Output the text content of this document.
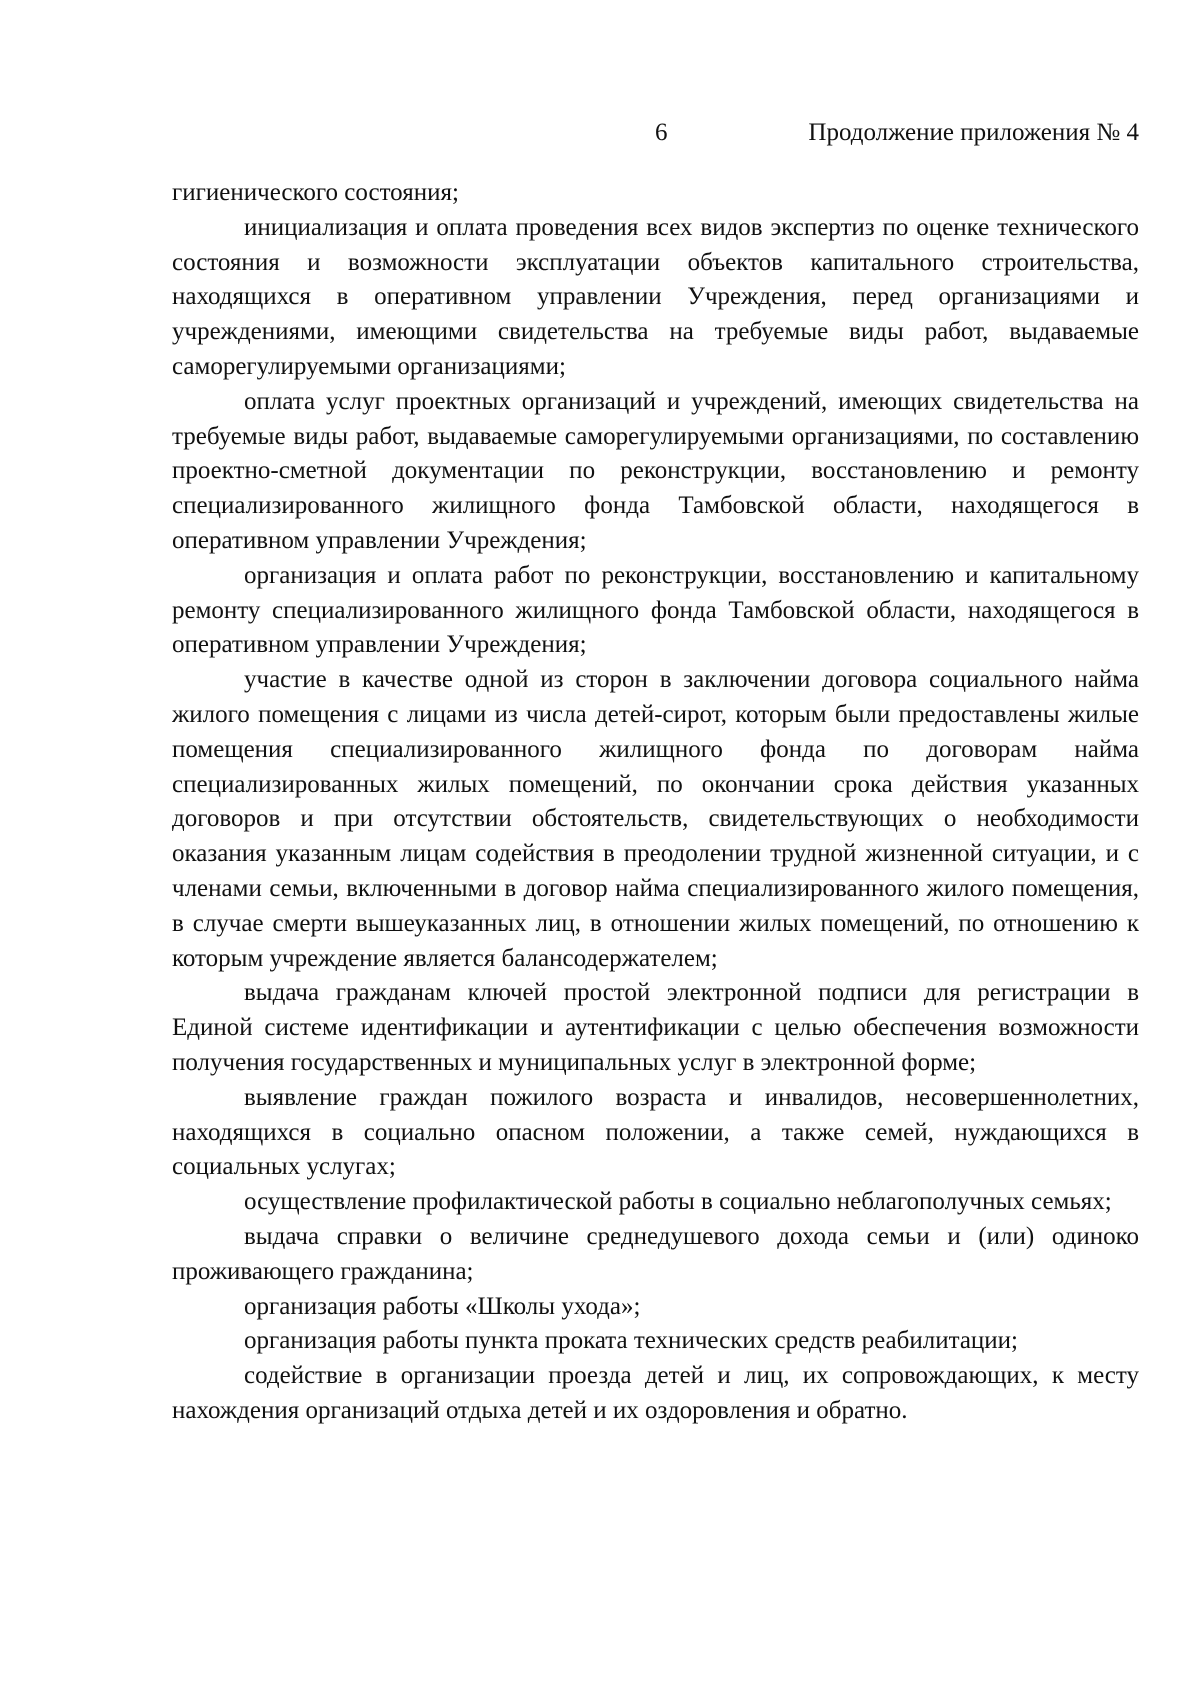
6	Продолжение приложения № 4

гигиенического состояния;

инициализация и оплата проведения всех видов экспертиз по оценке технического состояния и возможности эксплуатации объектов капитального строительства, находящихся в оперативном управлении Учреждения, перед организациями и учреждениями, имеющими свидетельства на требуемые виды работ, выдаваемые саморегулируемыми организациями;

оплата услуг проектных организаций и учреждений, имеющих свидетельства на требуемые виды работ, выдаваемые саморегулируемыми организациями, по составлению проектно-сметной документации по реконструкции, восстановлению и ремонту специализированного жилищного фонда Тамбовской области, находящегося в оперативном управлении Учреждения;

организация и оплата работ по реконструкции, восстановлению и капитальному ремонту специализированного жилищного фонда Тамбовской области, находящегося в оперативном управлении Учреждения;

участие в качестве одной из сторон в заключении договора социального найма жилого помещения с лицами из числа детей-сирот, которым были предоставлены жилые помещения специализированного жилищного фонда по договорам найма специализированных жилых помещений, по окончании срока действия указанных договоров и при отсутствии обстоятельств, свидетельствующих о необходимости оказания указанным лицам содействия в преодолении трудной жизненной ситуации, и с членами семьи, включенными в договор найма специализированного жилого помещения, в случае смерти вышеуказанных лиц, в отношении жилых помещений, по отношению к которым учреждение является балансодержателем;

выдача гражданам ключей простой электронной подписи для регистрации в Единой системе идентификации и аутентификации с целью обеспечения возможности получения государственных и муниципальных услуг в электронной форме;

выявление граждан пожилого возраста и инвалидов, несовершеннолетних, находящихся в социально опасном положении, а также семей, нуждающихся в социальных услугах;

осуществление профилактической работы в социально неблагополучных семьях;

выдача справки о величине среднедушевого дохода семьи и (или) одиноко проживающего гражданина;

организация работы «Школы ухода»;

организация работы пункта проката технических средств реабилитации;

содействие в организации проезда детей и лиц, их сопровождающих, к месту нахождения организаций отдыха детей и их оздоровления и обратно.
